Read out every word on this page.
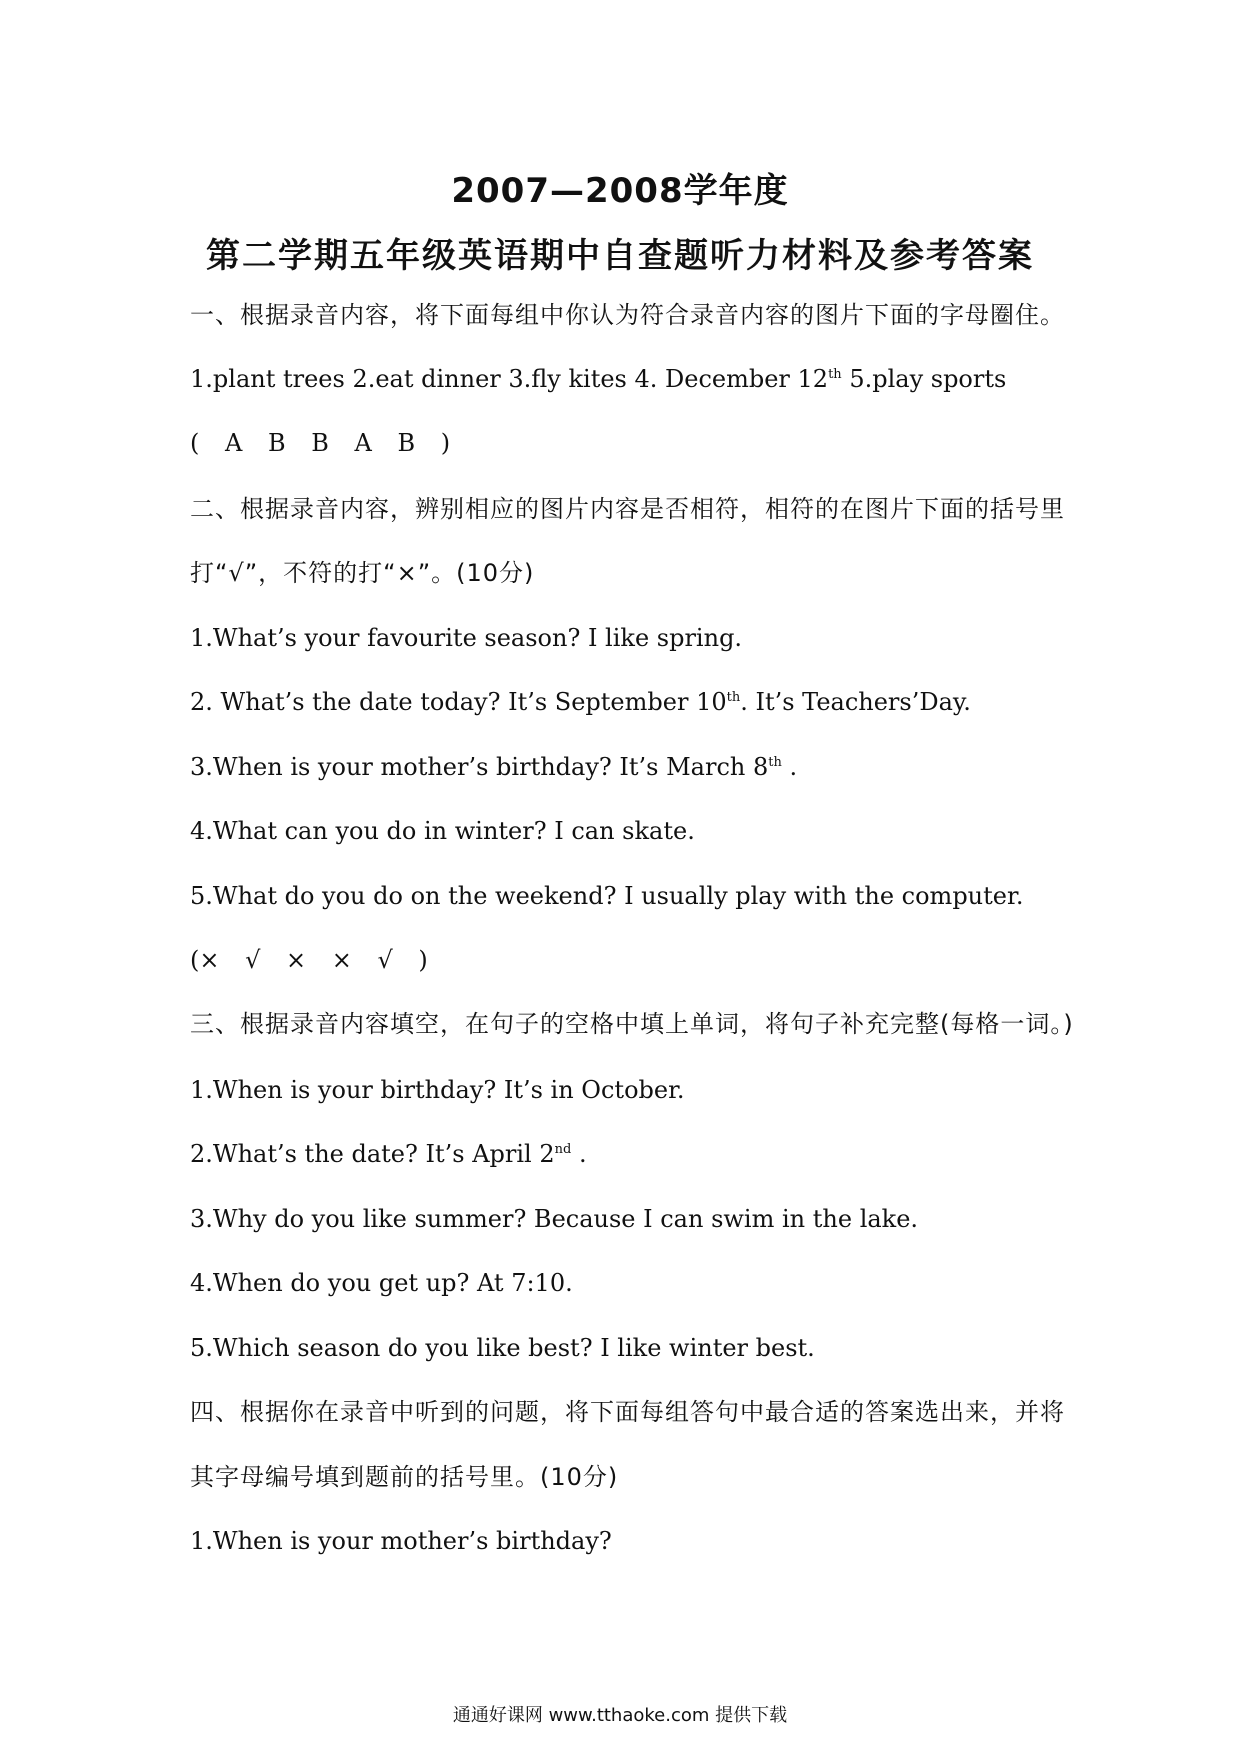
2007—2008学年度
第二学期五年级英语期中自查题听力材料及参考答案
一、根据录音内容，将下面每组中你认为符合录音内容的图片下面的字母圈住。
1.plant trees 2.eat dinner 3.fly kites 4. December 12th 5.play sports
( A B B A B )
二、根据录音内容，辨别相应的图片内容是否相符，相符的在图片下面的括号里
打“√”，不符的打“×”。(10分)
1.What’s your favourite season? I like spring.
2. What’s the date today? It’s September 10th. It’s Teachers’Day.
3.When is your mother’s birthday? It’s March 8th .
4.What can you do in winter? I can skate.
5.What do you do on the weekend? I usually play with the computer.
(× √ × × √ )
三、根据录音内容填空，在句子的空格中填上单词，将句子补充完整(每格一词。)
1.When is your birthday? It’s in October.
2.What’s the date? It’s April 2nd .
3.Why do you like summer? Because I can swim in the lake.
4.When do you get up? At 7:10.
5.Which season do you like best? I like winter best.
四、根据你在录音中听到的问题，将下面每组答句中最合适的答案选出来，并将
其字母编号填到题前的括号里。(10分)
1.When is your mother’s birthday?
通通好课网 www.tthaoke.com 提供下载
